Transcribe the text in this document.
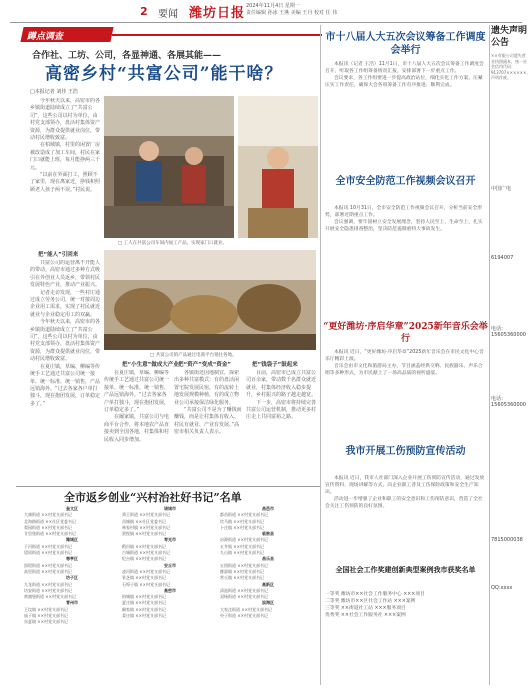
2 要闻 潍坊日报 2024年11月4日 星期一
责任编辑 孙冰 王燕 美编 王丹 校对 任 伟
蹲点调查
合作社、工坊、公司，各显神通、各展其能——
高密乡村“共富公司”能干啥？
□本报记者 刘佳 王浩

今年秋天以来，高密市的各乡镇街道陆续成立了“共富公司”，这些公司以村为单位，由村党支部领办，盘活村集体资产资源，为群众提供就业岗位，带动村民增收致富。

在柏城镇，村里的闲置厂房被改造成了加工车间，村民在家门口就能上班，每月能挣两三千元。

“以前在外面打工，照顾不了家里，现在离家近，挣钱和照顾老人孩子两不误。”村民说。

把“能人”引回来

共富公司的运营离不开能人的带动。高密市通过多种方式吸引在外创业人员返乡，带领村民发展特色产业，推动产业振兴。

记者走访发现，一些村庄通过成立劳务公司，统一对接周边企业用工需求，实现了村民就近就业与企业稳定用工的双赢。

今年秋天以来，高密市的各乡镇街道陆续成立了“共富公司”，这些公司以村为单位，由村党支部领办，盘活村集体资产资源，为群众提供就业岗位，带动村民增收致富。

在夏庄镇，草编、柳编等传统手工艺通过共富公司统一接单、统一标准、统一销售，产品远销海外。“过去各家各户单打独斗，现在抱团发展，订单稳定多了。”

□ 工人在共富公司车间内加工产品，实现家门口就业。
□ 共富公司的产品通过电商平台销往各地。
把“小生意”做成大产业

在夏庄镇，草编、柳编等传统手工艺通过共富公司统一接单、统一标准、统一销售，产品远销海外。“过去各家各户单打独斗，现在抱团发展，订单稳定多了。”

在阚家镇，共富公司与电商平台合作，将本地农产品直接卖到全国各地，村集体和村民收入同步增加。

把“资产”变成“资金”

各镇街还因地制宜，探索出多种共富模式：有的盘活闲置宅院发展民宿，有的流转土地发展规模种植，有的成立物业公司承接保洁绿化服务。

“共富公司不是为了赚钱而赚钱，而是让村集体有收入、村民有就业、产业有发展。”高密市相关负责人表示。

把“钱袋子”鼓起来

目前，高密市已成立共富公司百余家，带动数千名群众就近就业，村集体经济收入稳步提升，乡村振兴的路子越走越宽。

下一步，高密市将持续完善共富公司运营机制，推动更多村庄走上共同富裕之路。

全市返乡创业“兴村治社好书记”名单
奎文区
大虞街道 ××村党支部书记
北海路街道 ××社区党委书记
梨园街道 ××村党支部书记
廿里堡街道 ××村党支部书记
潍城区
于河街道 ××村党支部书记
望留街道 ××村党支部书记
寒亭区
固堤街道 ××村党支部书记
高里街道 ××村党支部书记
坊子区
九龙街道 ××村党支部书记
坊安街道 ××村党支部书记
黄旗堡街道 ××村党支部书记
青州市
王坟镇 ××村党支部书记
庙子镇 ××村党支部书记
东夏镇 ××村党支部书记
诸城市
舜王街道 ××村党支部书记
昌城镇 ××社区党委书记
林家村镇 ××村党支部书记
贾悦镇 ××村党支部书记
寿光市
稻田镇 ××村党支部书记
古城街道 ××村党支部书记
纪台镇 ××村党支部书记
安丘市
凌河街道 ××村党支部书记
景芝镇 ××村党支部书记
石埠子镇 ××村党支部书记
高密市
柏城镇 ××村党支部书记
夏庄镇 ××村党支部书记
阚家镇 ××村党支部书记
姜庄镇 ××村党支部书记
昌邑市
都昌街道 ××村党支部书记
饮马镇 ××村党支部书记
卜庄镇 ××村党支部书记
临朐县
冶源街道 ××村党支部书记
五井镇 ××村党支部书记
九山镇 ××村党支部书记
昌乐县
五图街道 ××村党支部书记
鄌郚镇 ××村党支部书记
营丘镇 ××村党支部书记
高新区
清池街道 ××村党支部书记
双杨街道 ××村党支部书记
滨海区
大家洼街道 ××村党支部书记
央子街道 ××村党支部书记
市十八届人大五次会议筹备工作调度会举行

本报讯（记者 王浩）11月1日，市十八届人大五次会议筹备工作调度会召开，听取各工作组筹备情况汇报，安排部署下一步重点工作。

会议要求，各工作组要进一步提高政治站位，细化实化工作方案，压紧压实工作责任，确保大会各项筹备工作有序推进、顺利完成。

全市安全防范工作视频会议召开

本报讯 10月31日，全市安全防范工作视频会议召开，分析当前安全形势，部署近期重点工作。

会议强调，要牢固树立安全发展理念，坚持人民至上、生命至上，扎实开展安全隐患排查整治，坚决防范遏制重特大事故发生。

“更好潍坊·序启华章”2025新年音乐会举行

本报讯 近日，“更好潍坊·序启华章”2025新年音乐会在市民文化中心音乐厅精彩上演。

音乐会由市文化和旅游局主办，节目涵盖经典交响、民族器乐、声乐合唱等多种形式，为市民献上了一场高品质的视听盛宴。

我市开展工伤预防宣传活动

本报讯 近日，我市人社部门深入企业开展工伤预防宣传活动，通过发放宣传资料、现场讲解等方式，向企业职工普及工伤保险政策和安全生产知识。

活动进一步增强了企业和职工的安全意识和工伤预防意识，营造了全社会关注工伤预防的良好氛围。

全国社会工作奖建创新典型案例我市获奖名单
一等奖 潍坊市××社会工作服务中心 ×××项目
二等奖 潍坊市××区社会工作站 ×××案例
三等奖 ××街道社工站 ×××服务项目
优秀奖 ××社会工作服务社 ×××案例
遗失声明公告
××有限公司遗失营业执照副本，统一社会信用代码：913707××××××，声明作废。
中国广电
6194007
电话：15605360000
电话：15605360000
7815000038
QQ:xxxx
